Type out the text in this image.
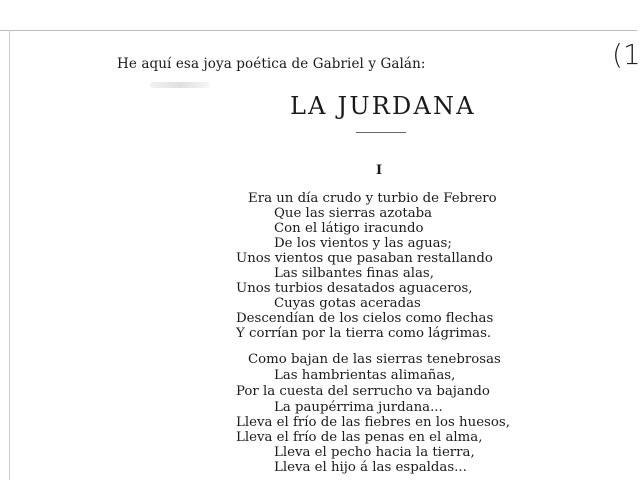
He aquí esa joya poética de Gabriel y Galán:	(1
LA JURDANA
I
Era un día crudo y turbio de Febrero
Que las sierras azotaba
Con el látigo iracundo
De los vientos y las aguas;
Unos vientos que pasaban restallando
Las silbantes finas alas,
Unos turbios desatados aguaceros,
Cuyas gotas aceradas
Descendían de los cielos como flechas
Y corrían por la tierra como lágrimas.
Como bajan de las sierras tenebrosas
Las hambrientas alimañas,
Por la cuesta del serrucho va bajando
La paupérrima jurdana...
Lleva el frío de las fiebres en los huesos,
Lleva el frío de las penas en el alma,
Lleva el pecho hacia la tierra,
Lleva el hijo á las espaldas...
